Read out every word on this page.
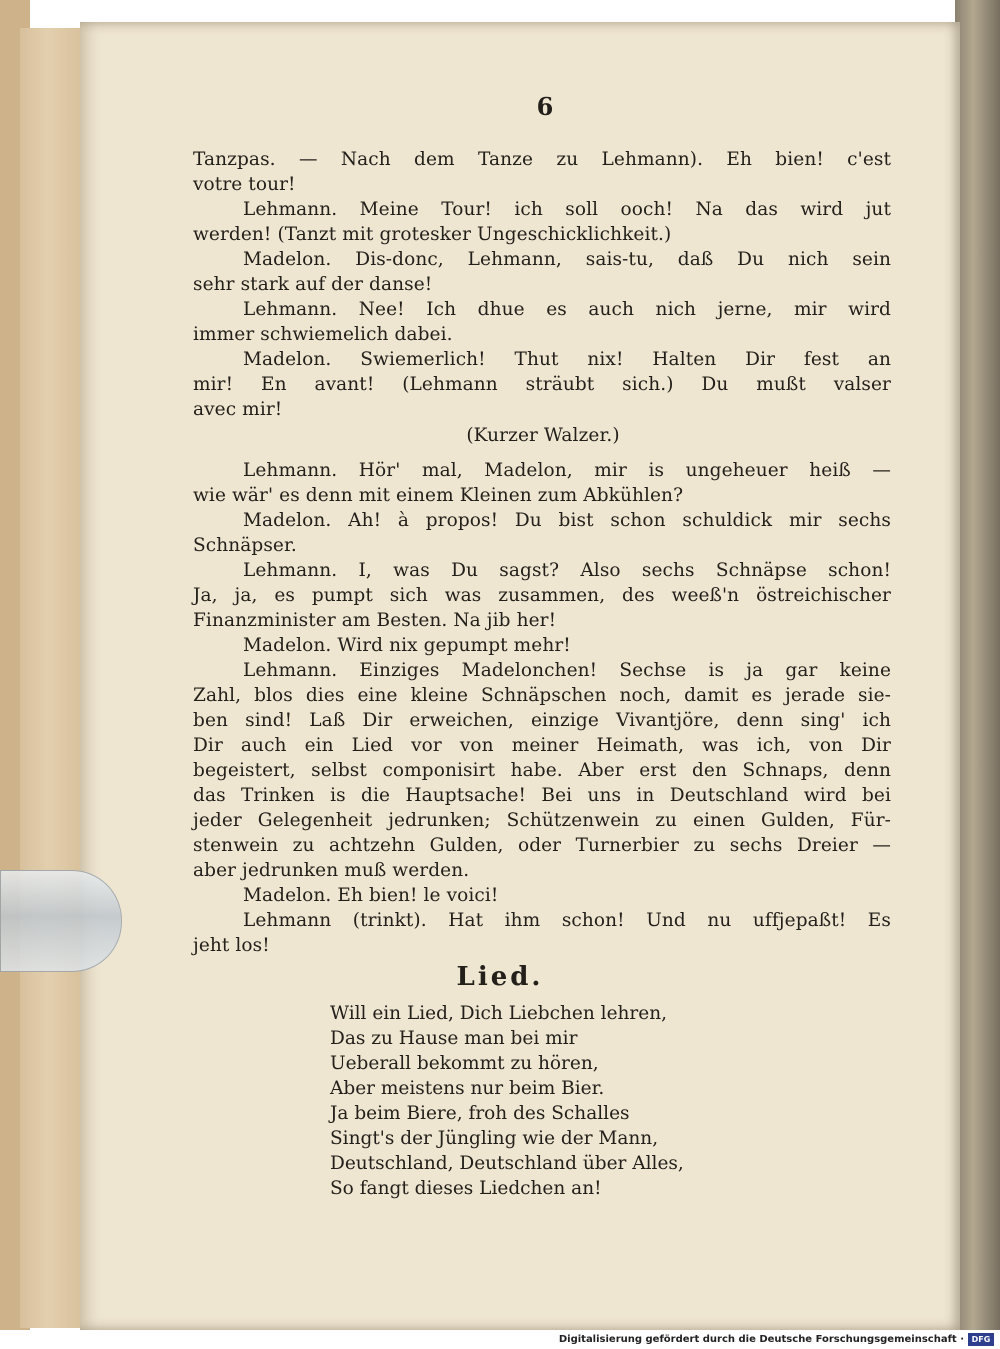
6
Tanzpas. — Nach dem Tanze zu Lehmann). Eh bien! c'est
votre tour!
Lehmann. Meine Tour! ich soll ooch! Na das wird jut
werden! (Tanzt mit grotesker Ungeschicklichkeit.)
Madelon. Dis-donc, Lehmann, sais-tu, daß Du nich sein
sehr stark auf der danse!
Lehmann. Nee! Ich dhue es auch nich jerne, mir wird
immer schwiemelich dabei.
Madelon. Swiemerlich! Thut nix! Halten Dir fest an
mir! En avant! (Lehmann sträubt sich.) Du mußt valser
avec mir!
(Kurzer Walzer.)
Lehmann. Hör' mal, Madelon, mir is ungeheuer heiß —
wie wär' es denn mit einem Kleinen zum Abkühlen?
Madelon. Ah! à propos! Du bist schon schuldick mir sechs
Schnäpser.
Lehmann. I, was Du sagst? Also sechs Schnäpse schon!
Ja, ja, es pumpt sich was zusammen, des weeß'n östreichischer
Finanzminister am Besten. Na jib her!
Madelon. Wird nix gepumpt mehr!
Lehmann. Einziges Madelonchen! Sechse is ja gar keine
Zahl, blos dies eine kleine Schnäpschen noch, damit es jerade sie-
ben sind! Laß Dir erweichen, einzige Vivantjöre, denn sing' ich
Dir auch ein Lied vor von meiner Heimath, was ich, von Dir
begeistert, selbst componisirt habe. Aber erst den Schnaps, denn
das Trinken is die Hauptsache! Bei uns in Deutschland wird bei
jeder Gelegenheit jedrunken; Schützenwein zu einen Gulden, Für-
stenwein zu achtzehn Gulden, oder Turnerbier zu sechs Dreier —
aber jedrunken muß werden.
Madelon. Eh bien! le voici!
Lehmann (trinkt). Hat ihm schon! Und nu uffjepaßt! Es
jeht los!
Lied.
Will ein Lied, Dich Liebchen lehren,
Das zu Hause man bei mir
Ueberall bekommt zu hören,
Aber meistens nur beim Bier.
Ja beim Biere, froh des Schalles
Singt's der Jüngling wie der Mann,
Deutschland, Deutschland über Alles,
So fangt dieses Liedchen an!
Digitalisierung gefördert durch die Deutsche Forschungsgemeinschaft · DFG
